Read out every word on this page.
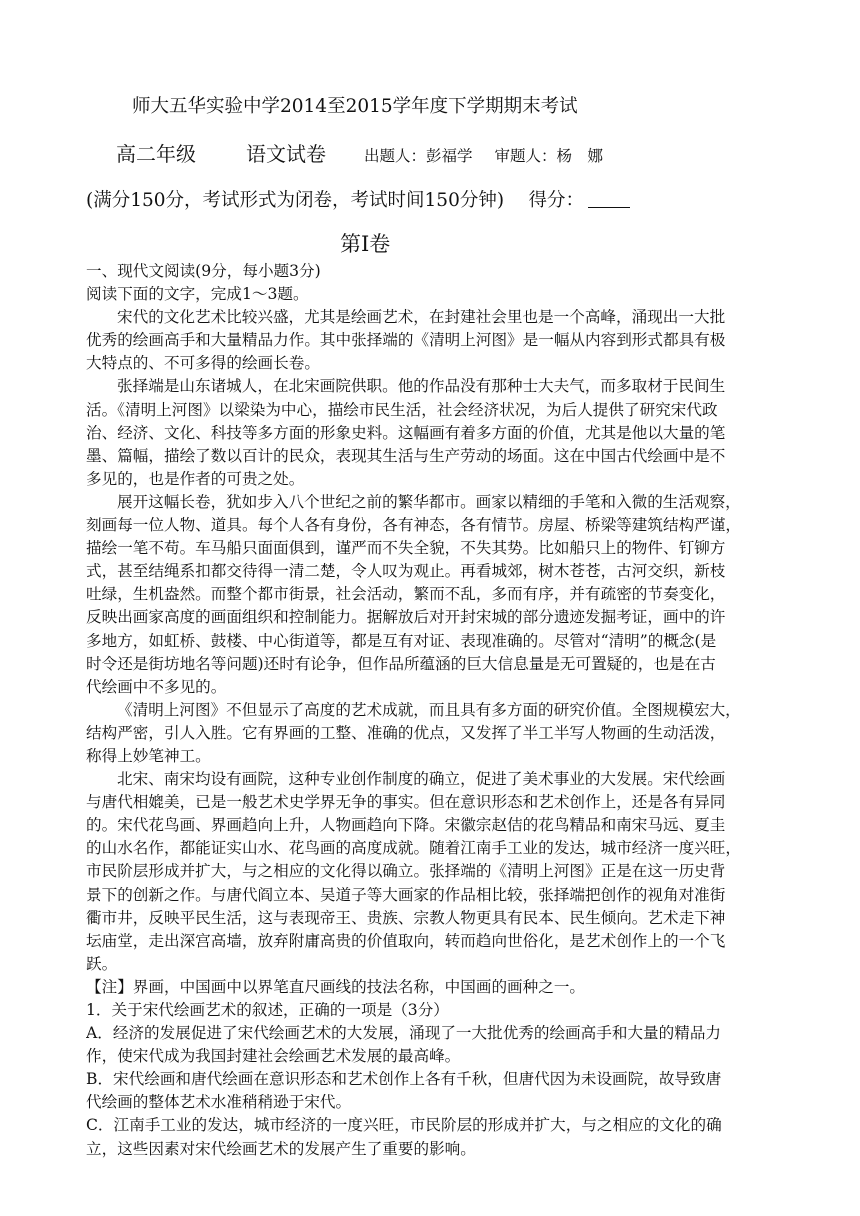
师大五华实验中学2014至2015学年度下学期期末考试
高二年级	语文试卷 出题人：彭福学 审题人：杨　娜
(满分150分，考试形式为闭卷，考试时间150分钟)　 得分：
第Ⅰ卷
一、现代文阅读(9分，每小题3分)
阅读下面的文字，完成1～3题。
宋代的文化艺术比较兴盛，尤其是绘画艺术，在封建社会里也是一个高峰，涌现出一大批
优秀的绘画高手和大量精品力作。其中张择端的《清明上河图》是一幅从内容到形式都具有极
大特点的、不可多得的绘画长卷。
张择端是山东诸城人，在北宋画院供职。他的作品没有那种士大夫气，而多取材于民间生
活。《清明上河图》以梁染为中心，描绘市民生活，社会经济状况，为后人提供了研究宋代政
治、经济、文化、科技等多方面的形象史料。这幅画有着多方面的价值，尤其是他以大量的笔
墨、篇幅，描绘了数以百计的民众，表现其生活与生产劳动的场面。这在中国古代绘画中是不
多见的，也是作者的可贵之处。
展开这幅长卷，犹如步入八个世纪之前的繁华都市。画家以精细的手笔和入微的生活观察，
刻画每一位人物、道具。每个人各有身份，各有神态，各有情节。房屋、桥梁等建筑结构严谨，
描绘一笔不苟。车马船只面面俱到，谨严而不失全貌，不失其势。比如船只上的物件、钉铆方
式，甚至结绳系扣都交待得一清二楚，令人叹为观止。再看城郊，树木苍苍，古河交织，新枝
吐绿，生机盎然。而整个都市街景，社会活动，繁而不乱，多而有序，并有疏密的节奏变化，
反映出画家高度的画面组织和控制能力。据解放后对开封宋城的部分遗迹发掘考证，画中的许
多地方，如虹桥、鼓楼、中心街道等，都是互有对证、表现准确的。尽管对“清明”的概念(是
时令还是街坊地名等问题)还时有论争，但作品所蕴涵的巨大信息量是无可置疑的，也是在古
代绘画中不多见的。
《清明上河图》不但显示了高度的艺术成就，而且具有多方面的研究价值。全图规模宏大，
结构严密，引人入胜。它有界画的工整、准确的优点，又发挥了半工半写人物画的生动活泼，
称得上妙笔神工。
北宋、南宋均设有画院，这种专业创作制度的确立，促进了美术事业的大发展。宋代绘画
与唐代相媲美，已是一般艺术史学界无争的事实。但在意识形态和艺术创作上，还是各有异同
的。宋代花鸟画、界画趋向上升，人物画趋向下降。宋徽宗赵佶的花鸟精品和南宋马远、夏圭
的山水名作，都能证实山水、花鸟画的高度成就。随着江南手工业的发达，城市经济一度兴旺，
市民阶层形成并扩大，与之相应的文化得以确立。张择端的《清明上河图》正是在这一历史背
景下的创新之作。与唐代阎立本、吴道子等大画家的作品相比较，张择端把创作的视角对准街
衢市井，反映平民生活，这与表现帝王、贵族、宗教人物更具有民本、民生倾向。艺术走下神
坛庙堂，走出深宫高墙，放弃附庸高贵的价值取向，转而趋向世俗化，是艺术创作上的一个飞
跃。
【注】界画，中国画中以界笔直尺画线的技法名称，中国画的画种之一。
1．关于宋代绘画艺术的叙述，正确的一项是（3分）
A．经济的发展促进了宋代绘画艺术的大发展，涌现了一大批优秀的绘画高手和大量的精品力
作，使宋代成为我国封建社会绘画艺术发展的最高峰。
B．宋代绘画和唐代绘画在意识形态和艺术创作上各有千秋，但唐代因为未设画院，故导致唐
代绘画的整体艺术水准稍稍逊于宋代。
C．江南手工业的发达，城市经济的一度兴旺，市民阶层的形成并扩大，与之相应的文化的确
立，这些因素对宋代绘画艺术的发展产生了重要的影响。
